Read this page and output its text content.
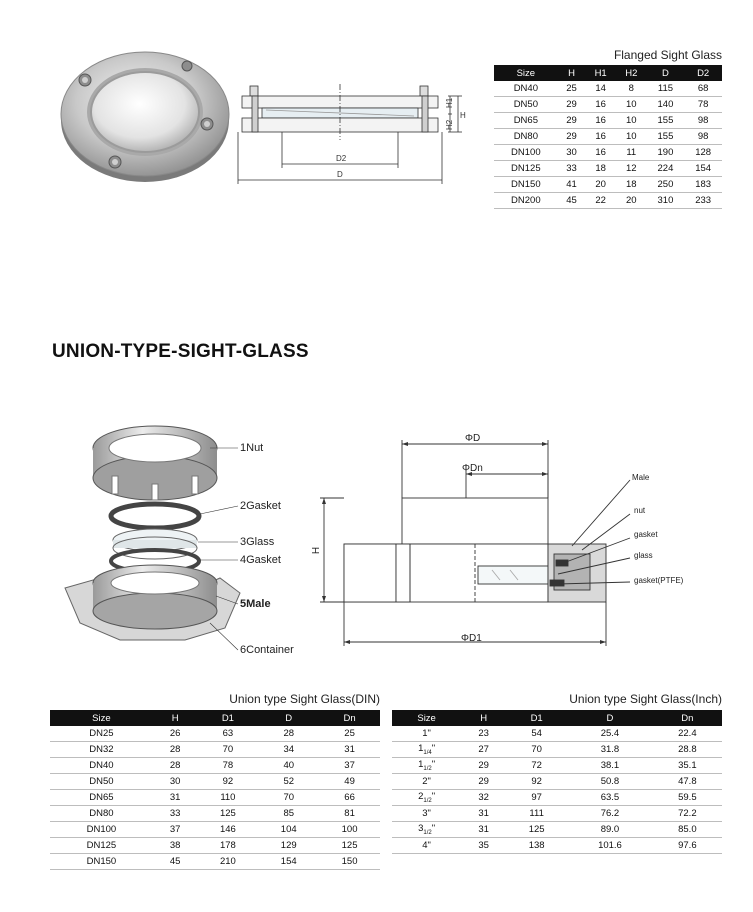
D2
D
H
H1
H2
Flanged Sight Glass
Size	H	H1	H2	D	D2
DN40	25	14	8	115	68
DN50	29	16	10	140	78
DN65	29	16	10	155	98
DN80	29	16	10	155	98
DN100	30	16	11	190	128
DN125	33	18	12	224	154
DN150	41	20	18	250	183
DN200	45	22	20	310	233
UNION-TYPE-SIGHT-GLASS
1Nut
2Gasket
3Glass
4Gasket
5Male
6Container
ΦD
ΦDn
ΦD1
H
Male
nut
gasket
glass
gasket(PTFE)
Union type Sight Glass(DIN)
Size	H	D1	D	Dn
DN25	26	63	28	25
DN32	28	70	34	31
DN40	28	78	40	37
DN50	30	92	52	49
DN65	31	110	70	66
DN80	33	125	85	81
DN100	37	146	104	100
DN125	38	178	129	125
DN150	45	210	154	150
Union type Sight Glass(Inch)
Size	H	D1	D	Dn
1"	23	54	25.4	22.4
$1_{1/4}$"	27	70	31.8	28.8
$1_{1/2}$"	29	72	38.1	35.1
2"	29	92	50.8	47.8
$2_{1/2}$"	32	97	63.5	59.5
3"	31	111	76.2	72.2
$3_{1/2}$"	31	125	89.0	85.0
4"	35	138	101.6	97.6
